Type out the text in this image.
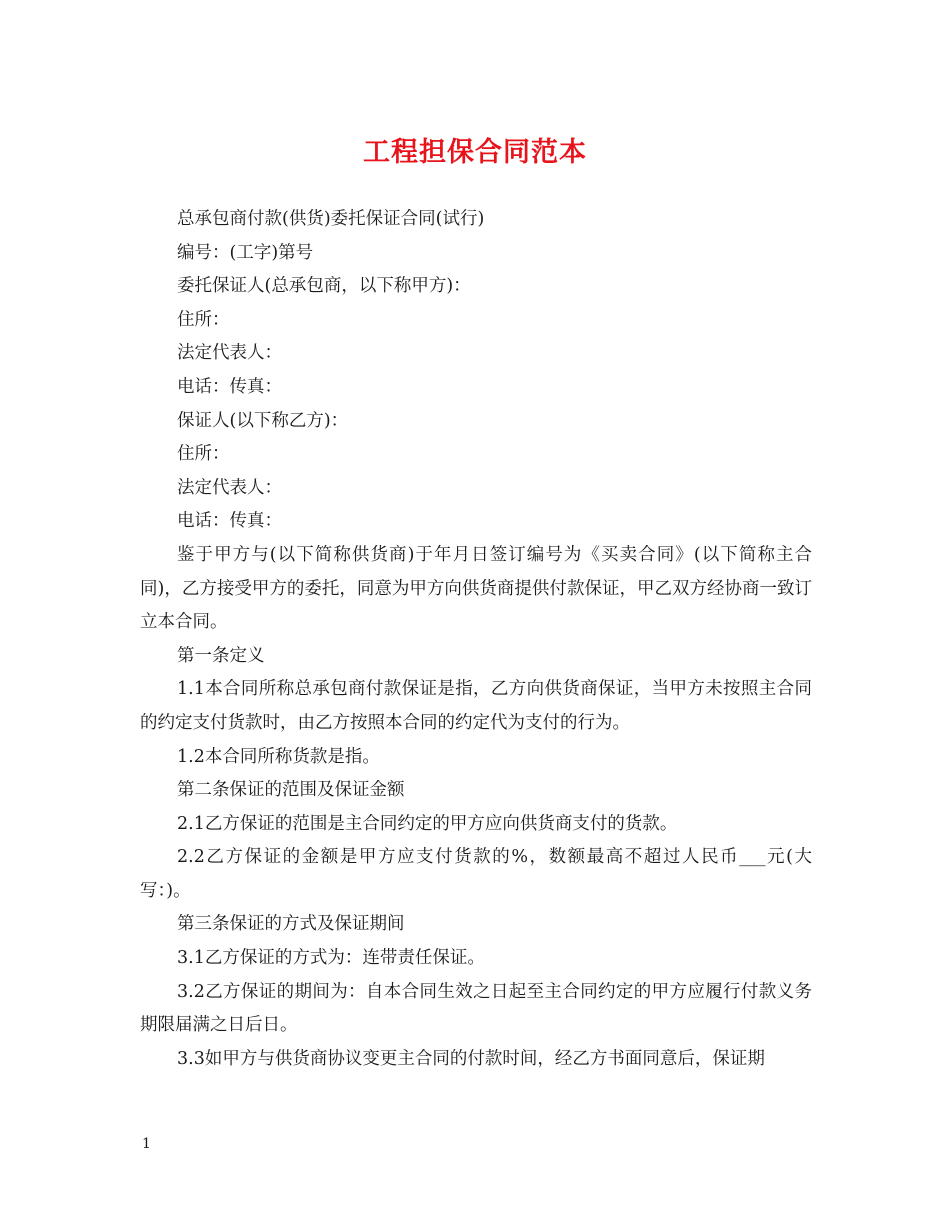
工程担保合同范本

总承包商付款(供货)委托保证合同(试行)

编号：(工字)第号

委托保证人(总承包商，以下称甲方)：

住所：

法定代表人：

电话：传真：

保证人(以下称乙方)：

住所：

法定代表人：

电话：传真：

鉴于甲方与(以下简称供货商)于年月日签订编号为《买卖合同》(以下简称主合同)，乙方接受甲方的委托，同意为甲方向供货商提供付款保证，甲乙双方经协商一致订立本合同。

第一条定义

1.1本合同所称总承包商付款保证是指，乙方向供货商保证，当甲方未按照主合同的约定支付货款时，由乙方按照本合同的约定代为支付的行为。

1.2本合同所称货款是指。

第二条保证的范围及保证金额

2.1乙方保证的范围是主合同约定的甲方应向供货商支付的货款。

2.2乙方保证的金额是甲方应支付货款的%，数额最高不超过人民币___元(大写：)。

第三条保证的方式及保证期间

3.1乙方保证的方式为：连带责任保证。

3.2乙方保证的期间为：自本合同生效之日起至主合同约定的甲方应履行付款义务期限届满之日后日。

3.3如甲方与供货商协议变更主合同的付款时间，经乙方书面同意后，保证期

1
